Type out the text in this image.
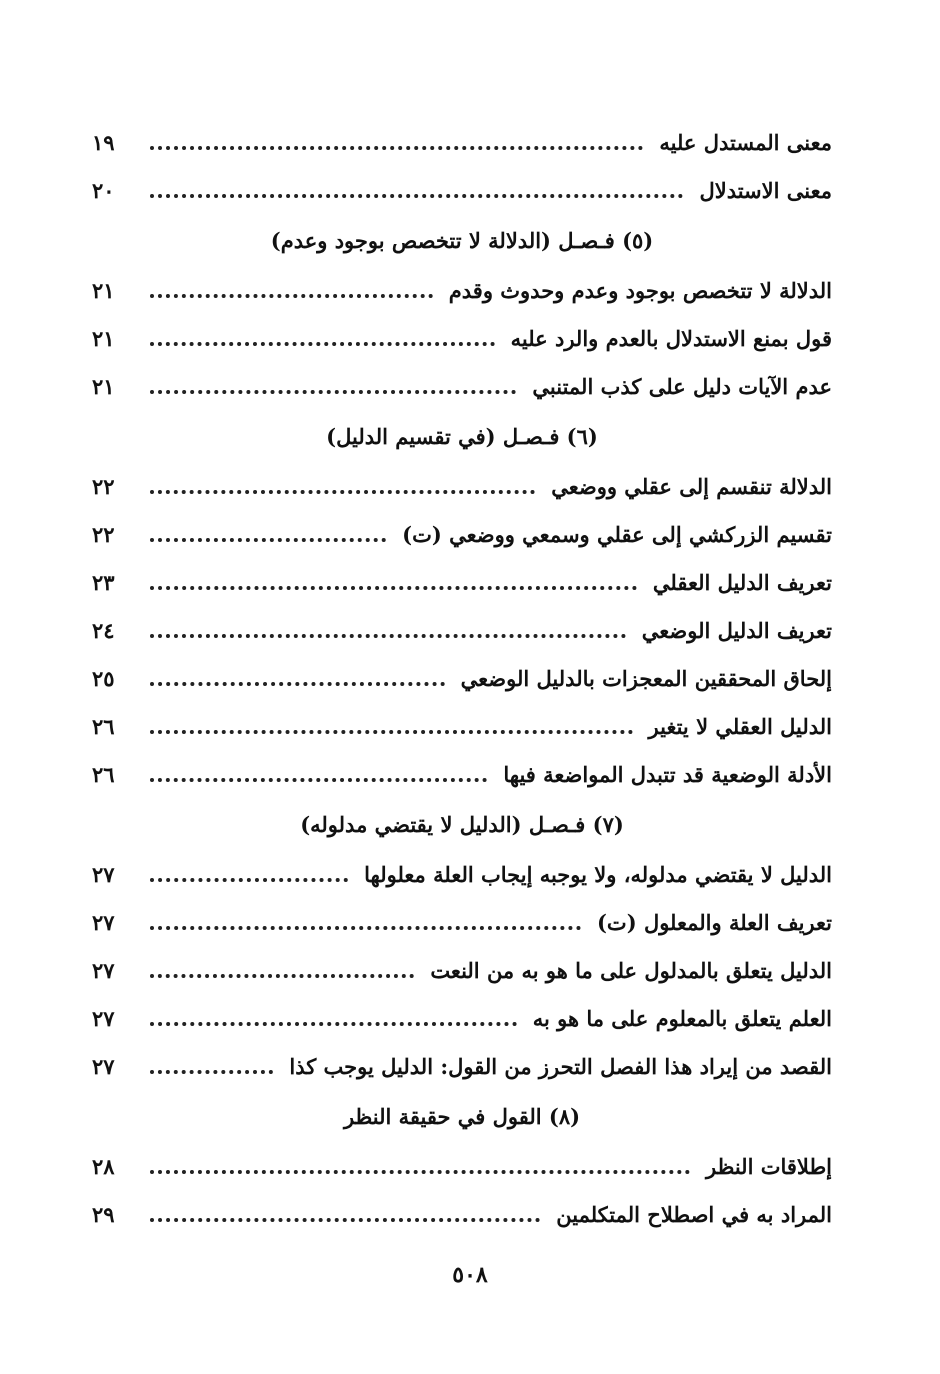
معنى المستدل عليه
١٩
معنى الاستدلال
٢٠
(٥) فـصـل (الدلالة لا تتخصص بوجود وعدم)
الدلالة لا تتخصص بوجود وعدم وحدوث وقدم
٢١
قول بمنع الاستدلال بالعدم والرد عليه
٢١
عدم الآيات دليل على كذب المتنبي
٢١
(٦) فـصـل (في تقسيم الدليل)
الدلالة تنقسم إلى عقلي ووضعي
٢٢
تقسيم الزركشي إلى عقلي وسمعي ووضعي (ت)
٢٢
تعريف الدليل العقلي
٢٣
تعريف الدليل الوضعي
٢٤
إلحاق المحققين المعجزات بالدليل الوضعي
٢٥
الدليل العقلي لا يتغير
٢٦
الأدلة الوضعية قد تتبدل المواضعة فيها
٢٦
(٧) فـصـل (الدليل لا يقتضي مدلوله)
الدليل لا يقتضي مدلوله، ولا يوجبه إيجاب العلة معلولها
٢٧
تعريف العلة والمعلول (ت)
٢٧
الدليل يتعلق بالمدلول على ما هو به من النعت
٢٧
العلم يتعلق بالمعلوم على ما هو به
٢٧
القصد من إيراد هذا الفصل التحرز من القول: الدليل يوجب كذا
٢٧
(٨) القول في حقيقة النظر
إطلاقات النظر
٢٨
المراد به في اصطلاح المتكلمين
٢٩
٥٠٨
